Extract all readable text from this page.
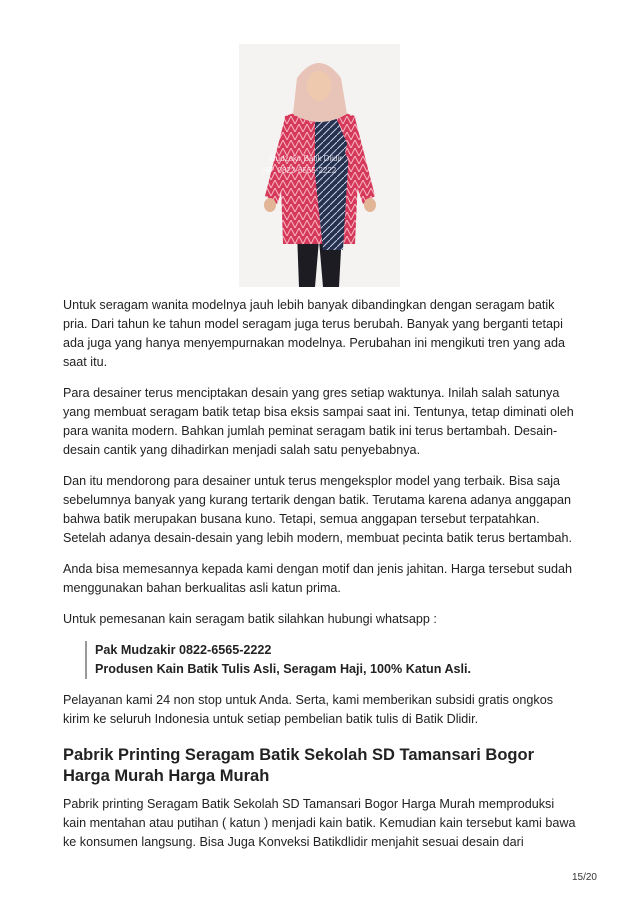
Mudzakir Batik Dlidir
HP. 0822-6565-2222

Untuk seragam wanita modelnya jauh lebih banyak dibandingkan dengan seragam batik pria. Dari tahun ke tahun model seragam juga terus berubah. Banyak yang berganti tetapi ada juga yang hanya menyempurnakan modelnya. Perubahan ini mengikuti tren yang ada saat itu.

Para desainer terus menciptakan desain yang gres setiap waktunya. Inilah salah satunya yang membuat seragam batik tetap bisa eksis sampai saat ini. Tentunya, tetap diminati oleh para wanita modern. Bahkan jumlah peminat seragam batik ini terus bertambah. Desain-desain cantik yang dihadirkan menjadi salah satu penyebabnya.

Dan itu mendorong para desainer untuk terus mengeksplor model yang terbaik. Bisa saja sebelumnya banyak yang kurang tertarik dengan batik. Terutama karena adanya anggapan bahwa batik merupakan busana kuno. Tetapi, semua anggapan tersebut terpatahkan. Setelah adanya desain-desain yang lebih modern, membuat pecinta batik terus bertambah.

Anda bisa memesannya kepada kami dengan motif dan jenis jahitan. Harga tersebut sudah menggunakan bahan berkualitas asli katun prima.

Untuk pemesanan kain seragam batik silahkan hubungi whatsapp :

Pak Mudzakir 0822-6565-2222
Produsen Kain Batik Tulis Asli, Seragam Haji, 100% Katun Asli.

Pelayanan kami 24 non stop untuk Anda. Serta, kami memberikan subsidi gratis ongkos kirim ke seluruh Indonesia untuk setiap pembelian batik tulis di Batik Dlidir.

Pabrik Printing Seragam Batik Sekolah SD Tamansari Bogor Harga Murah Harga Murah

Pabrik printing Seragam Batik Sekolah SD Tamansari Bogor Harga Murah memproduksi kain mentahan atau putihan ( katun ) menjadi kain batik. Kemudian kain tersebut kami bawa ke konsumen langsung. Bisa Juga Konveksi Batikdlidir menjahit sesuai desain dari

15/20
